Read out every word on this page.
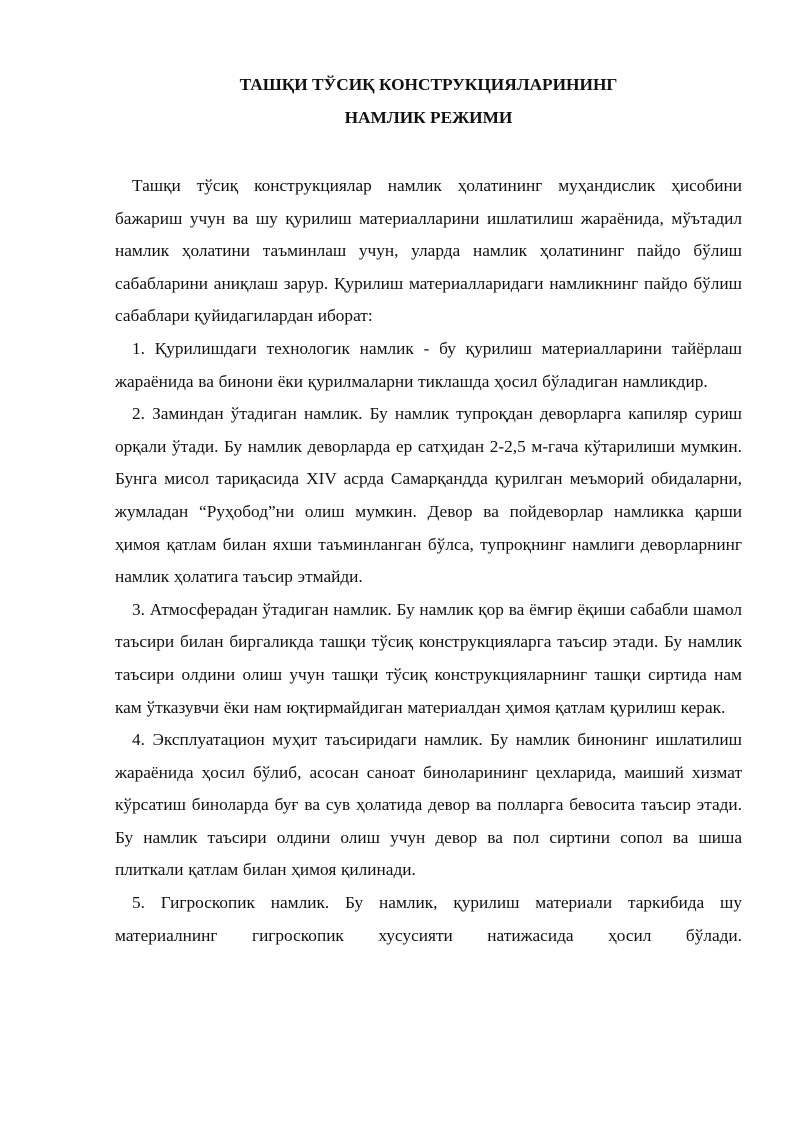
ТАШҚИ ТЎСИҚ КОНСТРУКЦИЯЛАРИНИНГ

НАМЛИК РЕЖИМИ

Ташқи тўсиқ конструкциялар намлик ҳолатининг муҳандислик ҳисобини бажариш учун ва шу қурилиш материалларини ишлатилиш жараёнида, мўътадил намлик ҳолатини таъминлаш учун, уларда намлик ҳолатининг пайдо бўлиш сабабларини аниқлаш зарур. Қурилиш материалларидаги намликнинг пайдо бўлиш сабаблари қуйидагилардан иборат:

1. Қурилишдаги технологик намлик - бу қурилиш материалларини тайёрлаш жараёнида ва бинони ёки қурилмаларни тиклашда ҳосил бўладиган намликдир.

2. Заминдан ўтадиган намлик. Бу намлик тупроқдан деворларга капиляр суриш орқали ўтади. Бу намлик деворларда ер сатҳидан 2-2,5 м-гача кўтарилиши мумкин. Бунга мисол тариқасида XIV асрда Самарқандда қурилган меъморий обидаларни, жумладан “Руҳобод”ни олиш мумкин. Девор ва пойдеворлар намликка қарши ҳимоя қатлам билан яхши таъминланган бўлса, тупроқнинг намлиги деворларнинг намлик ҳолатига таъсир этмайди.

3. Атмосферадан ўтадиган намлик. Бу намлик қор ва ёмғир ёқиши сабабли шамол таъсири билан биргаликда ташқи тўсиқ конструкцияларга таъсир этади. Бу намлик таъсири олдини олиш учун ташқи тўсиқ конструкцияларнинг ташқи сиртида нам кам ўтказувчи ёки нам юқтирмайдиган материалдан ҳимоя қатлам қурилиш керак.

4. Эксплуатацион муҳит таъсиридаги намлик. Бу намлик бинонинг ишлатилиш жараёнида ҳосил бўлиб, асосан саноат биноларининг цехларида, маиший хизмат кўрсатиш биноларда буғ ва сув ҳолатида девор ва полларга бевосита таъсир этади. Бу намлик таъсири олдини олиш учун девор ва пол сиртини сопол ва шиша плиткали қатлам билан ҳимоя қилинади.

5. Гигроскопик намлик. Бу намлик, қурилиш материали таркибида шу материалнинг гигроскопик хусусияти натижасида ҳосил бўлади.
